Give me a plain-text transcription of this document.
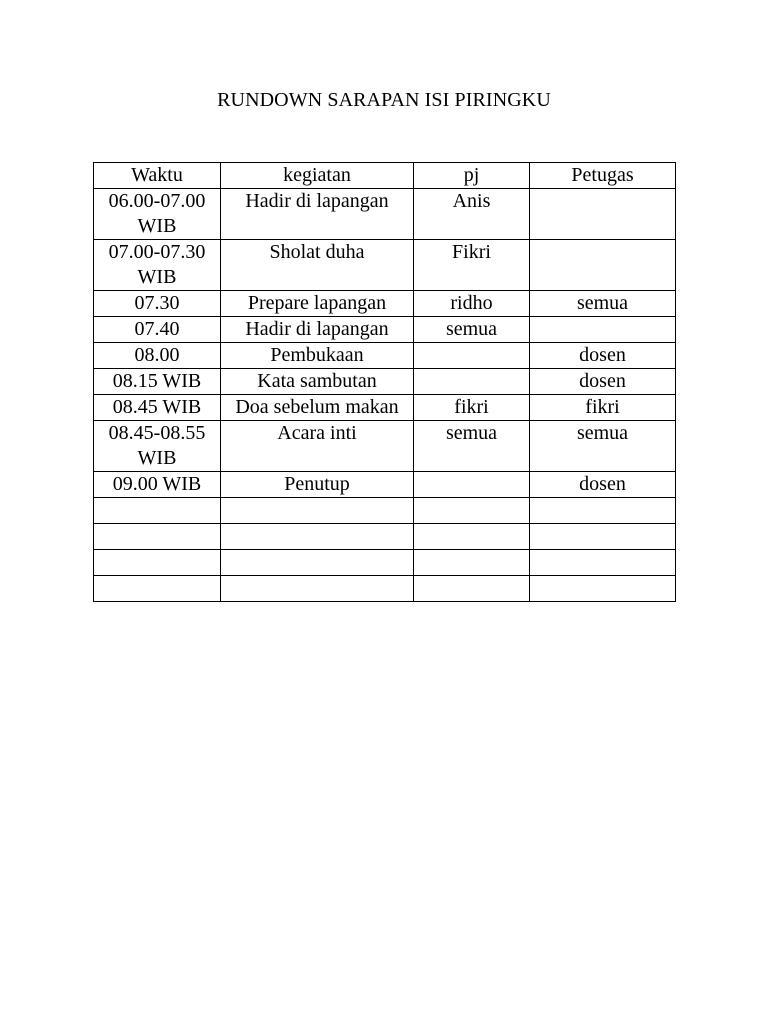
RUNDOWN SARAPAN ISI PIRINGKU
Waktu	kegiatan	pj	Petugas
06.00-07.00 WIB	Hadir di lapangan	Anis	
07.00-07.30 WIB	Sholat duha	Fikri	
07.30	Prepare lapangan	ridho	semua
07.40	Hadir di lapangan	semua	
08.00	Pembukaan		dosen
08.15 WIB	Kata sambutan		dosen
08.45 WIB	Doa sebelum makan	fikri	fikri
08.45-08.55 WIB	Acara inti	semua	semua
09.00 WIB	Penutup		dosen
